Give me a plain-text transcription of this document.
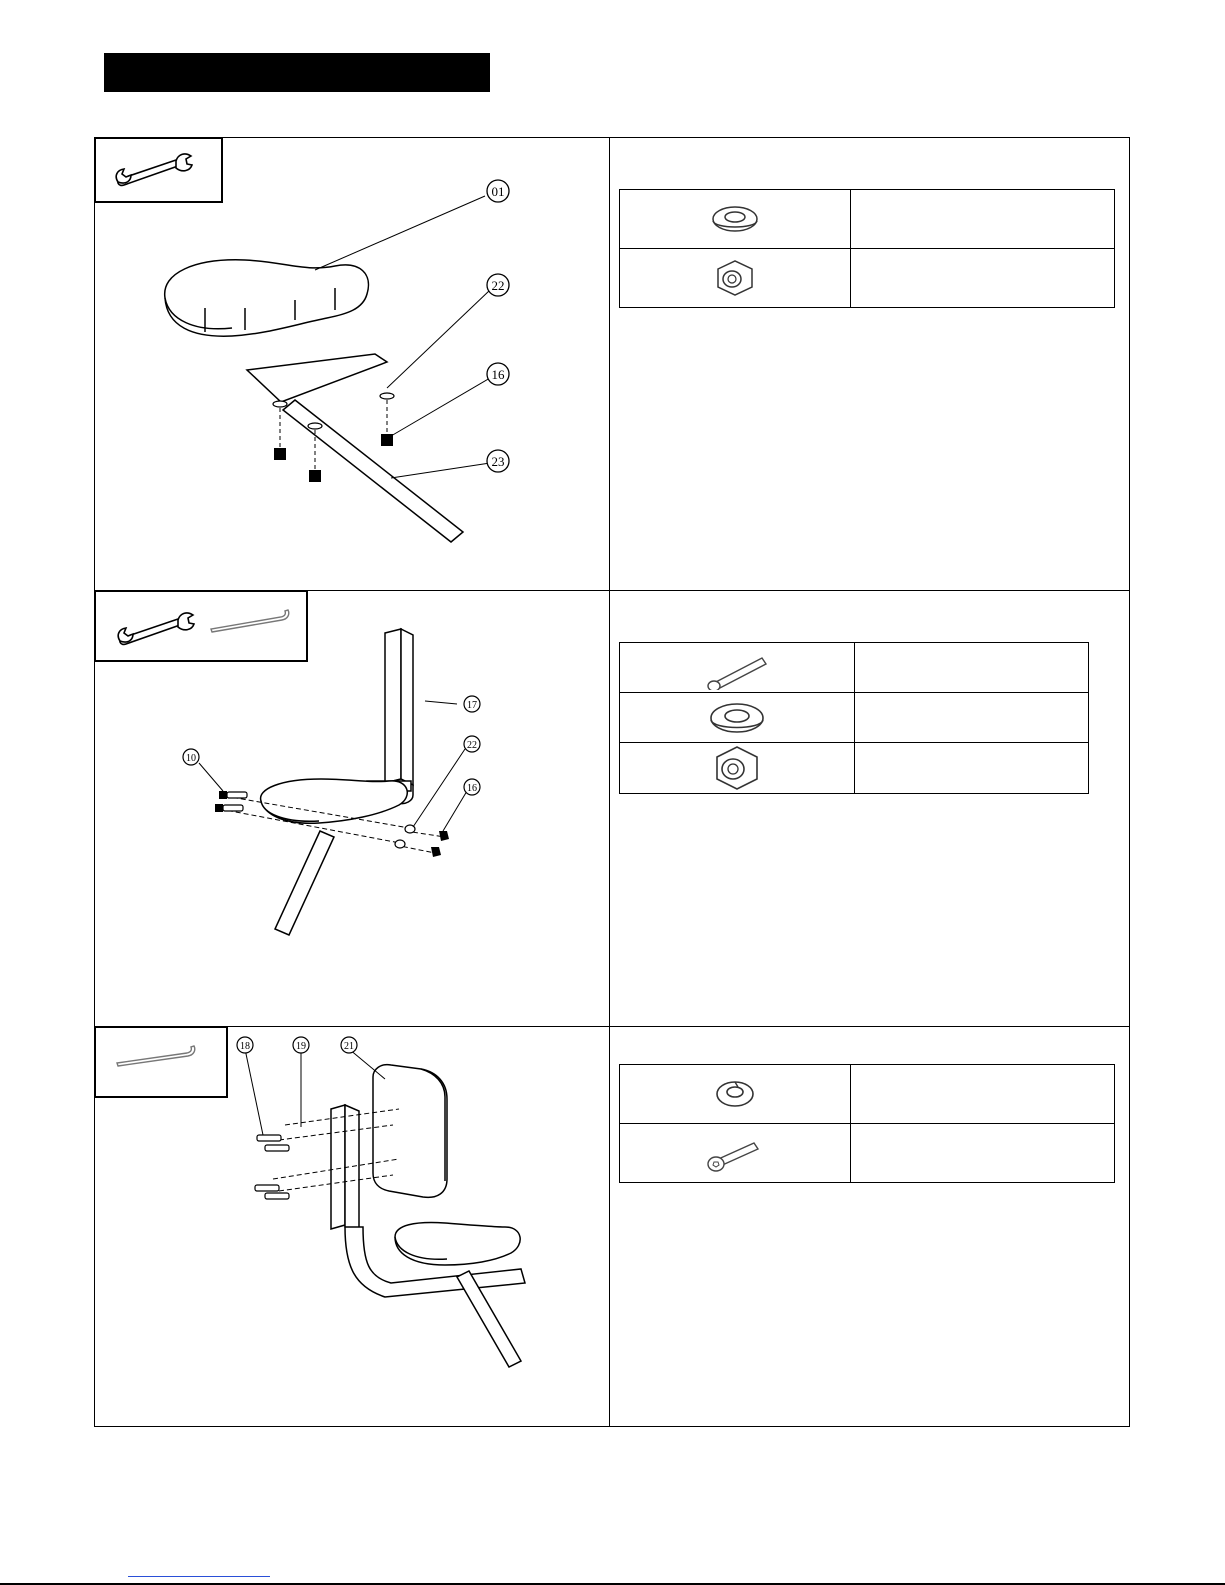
01
22
16
23

10
17
22
16

18	19	21
